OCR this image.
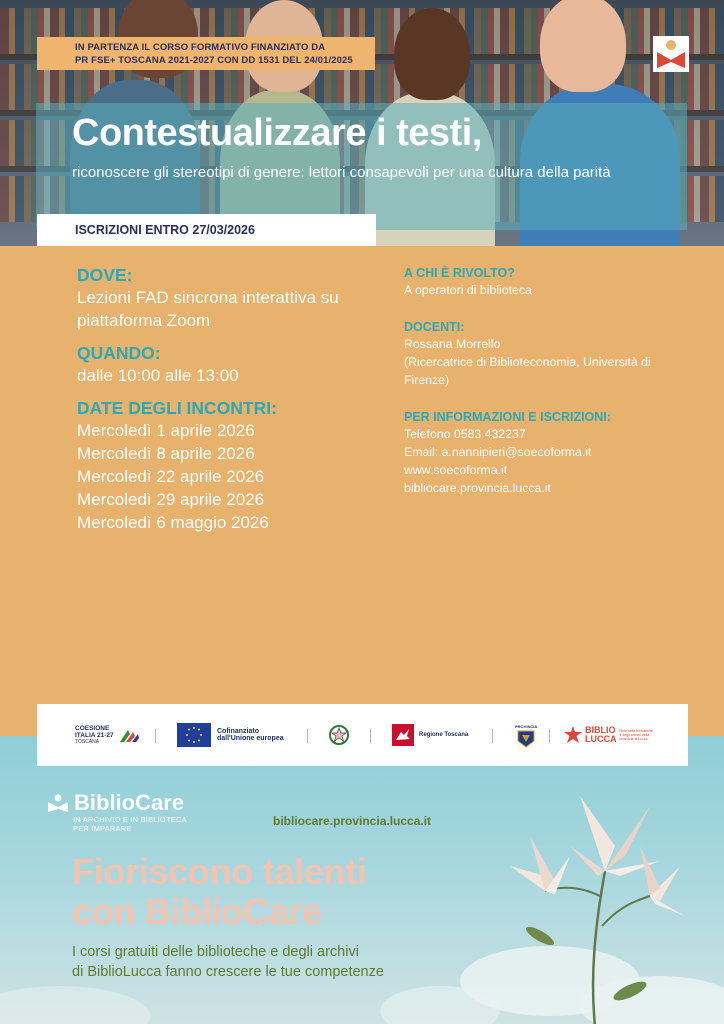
IN PARTENZA IL CORSO FORMATIVO FINANZIATO DA
PR FSE+ TOSCANA 2021-2027 CON DD 1531 DEL 24/01/2025
Contestualizzare i testi,
riconoscere gli stereotipi di genere: lettori consapevoli per una cultura della parità
ISCRIZIONI ENTRO 27/03/2026
DOVE:
Lezioni FAD sincrona interattiva su piattaforma Zoom
QUANDO:
dalle 10:00 alle 13:00
DATE DEGLI INCONTRI:
Mercoledì 1 aprile 2026
Mercoledì 8 aprile 2026
Mercoledì 22 aprile 2026
Mercoledì 29 aprile 2026
Mercoledì 6 maggio 2026
A CHI È RIVOLTO?
A operatori di biblioteca
DOCENTI:
Rossana Morrello
(Ricercatrice di Biblioteconomia, Università di Firenze)
PER INFORMAZIONI E ISCRIZIONI:
Telefono 0583 432237
Email: a.nannipieri@soecoforma.it
www.soecoforma.it
bibliocare.provincia.lucca.it
COESIONE
ITALIA 21-27
TOSCANA
Cofinanziato
dall'Unione europea
Regione Toscana
PROVINCIA	BIBLIO
LUCCA
Rete delle biblioteche e degli archivi della provincia di Lucca
BiblioCare
IN ARCHIVIO E IN BIBLIOTECA
PER IMPARARE
bibliocare.provincia.lucca.it
Fioriscono talenti
con BiblioCare
I corsi gratuiti delle biblioteche e degli archivi
di BiblioLucca fanno crescere le tue competenze
